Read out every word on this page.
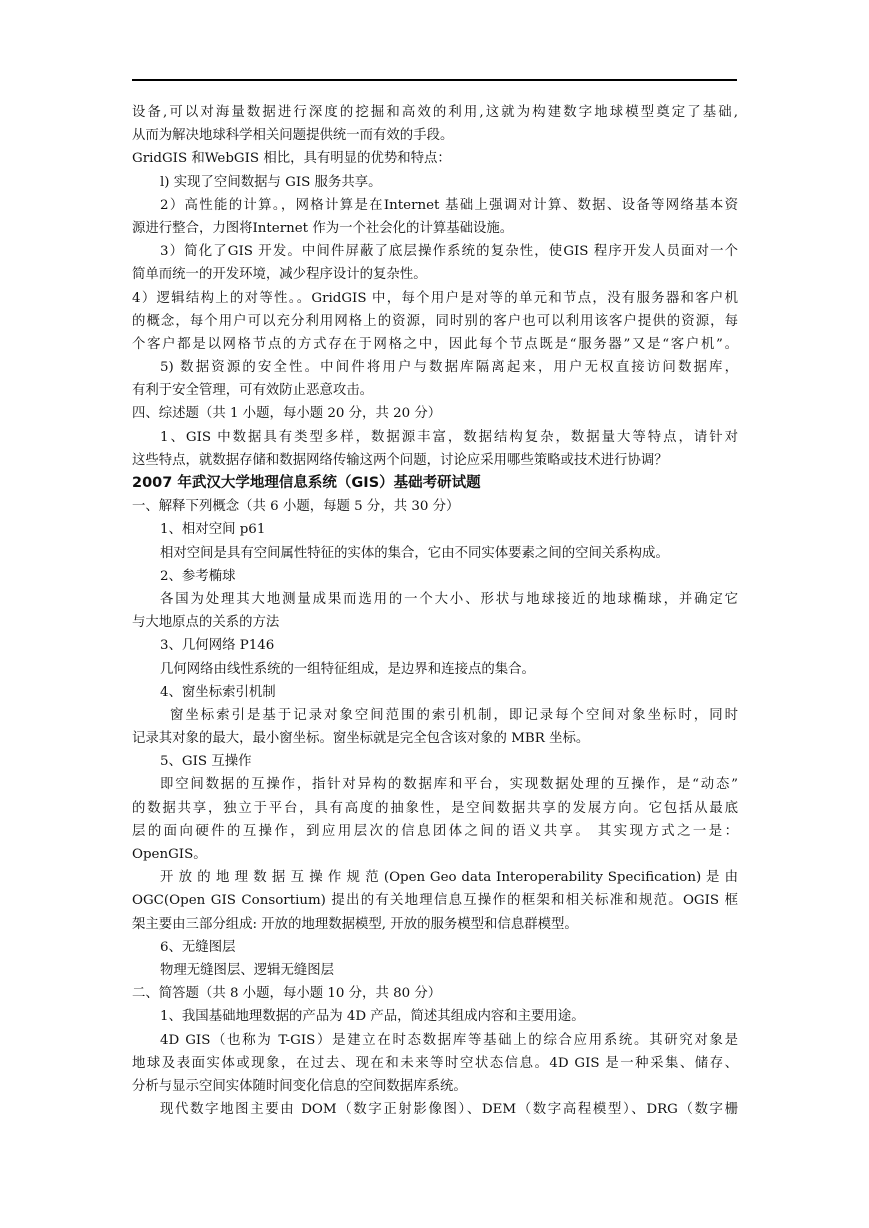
设备,可以对海量数据进行深度的挖掘和高效的利用,这就为构建数字地球模型奠定了基础,
从而为解决地球科学相关问题提供统一而有效的手段。
GridGIS 和WebGIS 相比，具有明显的优势和特点：
l) 实现了空间数据与 GIS 服务共享。
2）高性能的计算。，网格计算是在Internet 基础上强调对计算、数据、设备等网络基本资
源进行整合，力图将Internet 作为一个社会化的计算基础设施。
3）简化了GIS 开发。中间件屏蔽了底层操作系统的复杂性，使GIS 程序开发人员面对一个
简单而统一的开发环境，减少程序设计的复杂性。
4）逻辑结构上的对等性。。GridGIS 中，每个用户是对等的单元和节点，没有服务器和客户机
的概念，每个用户可以充分利用网格上的资源，同时别的客户也可以利用该客户提供的资源，每
个客户都是以网格节点的方式存在于网格之中，因此每个节点既是“服务器”又是“客户机”。
5) 数据资源的安全性。中间件将用户与数据库隔离起来，用户无权直接访问数据库，
有利于安全管理，可有效防止恶意攻击。
四、综述题（共 1 小题，每小题 20 分，共 20 分）
1、GIS 中数据具有类型多样，数据源丰富，数据结构复杂，数据量大等特点，请针对
这些特点，就数据存储和数据网络传输这两个问题，讨论应采用哪些策略或技术进行协调？
2007 年武汉大学地理信息系统（GIS）基础考研试题
一、解释下列概念（共 6 小题，每题 5 分，共 30 分）
1、相对空间 p61
相对空间是具有空间属性特征的实体的集合，它由不同实体要素之间的空间关系构成。
2、参考椭球
各国为处理其大地测量成果而选用的一个大小、形状与地球接近的地球椭球，并确定它
与大地原点的关系的方法
3、几何网络 P146
几何网络由线性系统的一组特征组成，是边界和连接点的集合。
4、窗坐标索引机制
窗坐标索引是基于记录对象空间范围的索引机制，即记录每个空间对象坐标时，同时
记录其对象的最大，最小窗坐标。窗坐标就是完全包含该对象的 MBR 坐标。
5、GIS 互操作
即空间数据的互操作，指针对异构的数据库和平台，实现数据处理的互操作，是“动态”
的数据共享，独立于平台，具有高度的抽象性，是空间数据共享的发展方向。它包括从最底
层的面向硬件的互操作，到应用层次的信息团体之间的语义共享。 其实现方式之一是：
OpenGIS。
开 放 的 地 理 数 据 互 操 作 规 范 (Open Geo data Interoperability Specification) 是 由
OGC(Open GIS Consortium) 提出的有关地理信息互操作的框架和相关标准和规范。OGIS 框
架主要由三部分组成: 开放的地理数据模型, 开放的服务模型和信息群模型。
6、无缝图层
物理无缝图层、逻辑无缝图层
二、简答题（共 8 小题，每小题 10 分，共 80 分）
1、我国基础地理数据的产品为 4D 产品，简述其组成内容和主要用途。
4D GIS（也称为 T-GIS）是建立在时态数据库等基础上的综合应用系统。其研究对象是
地球及表面实体或现象，在过去、现在和未来等时空状态信息。4D GIS 是一种采集、储存、
分析与显示空间实体随时间变化信息的空间数据库系统。
现代数字地图主要由 DOM（数字正射影像图）、DEM（数字高程模型）、DRG（数字栅
